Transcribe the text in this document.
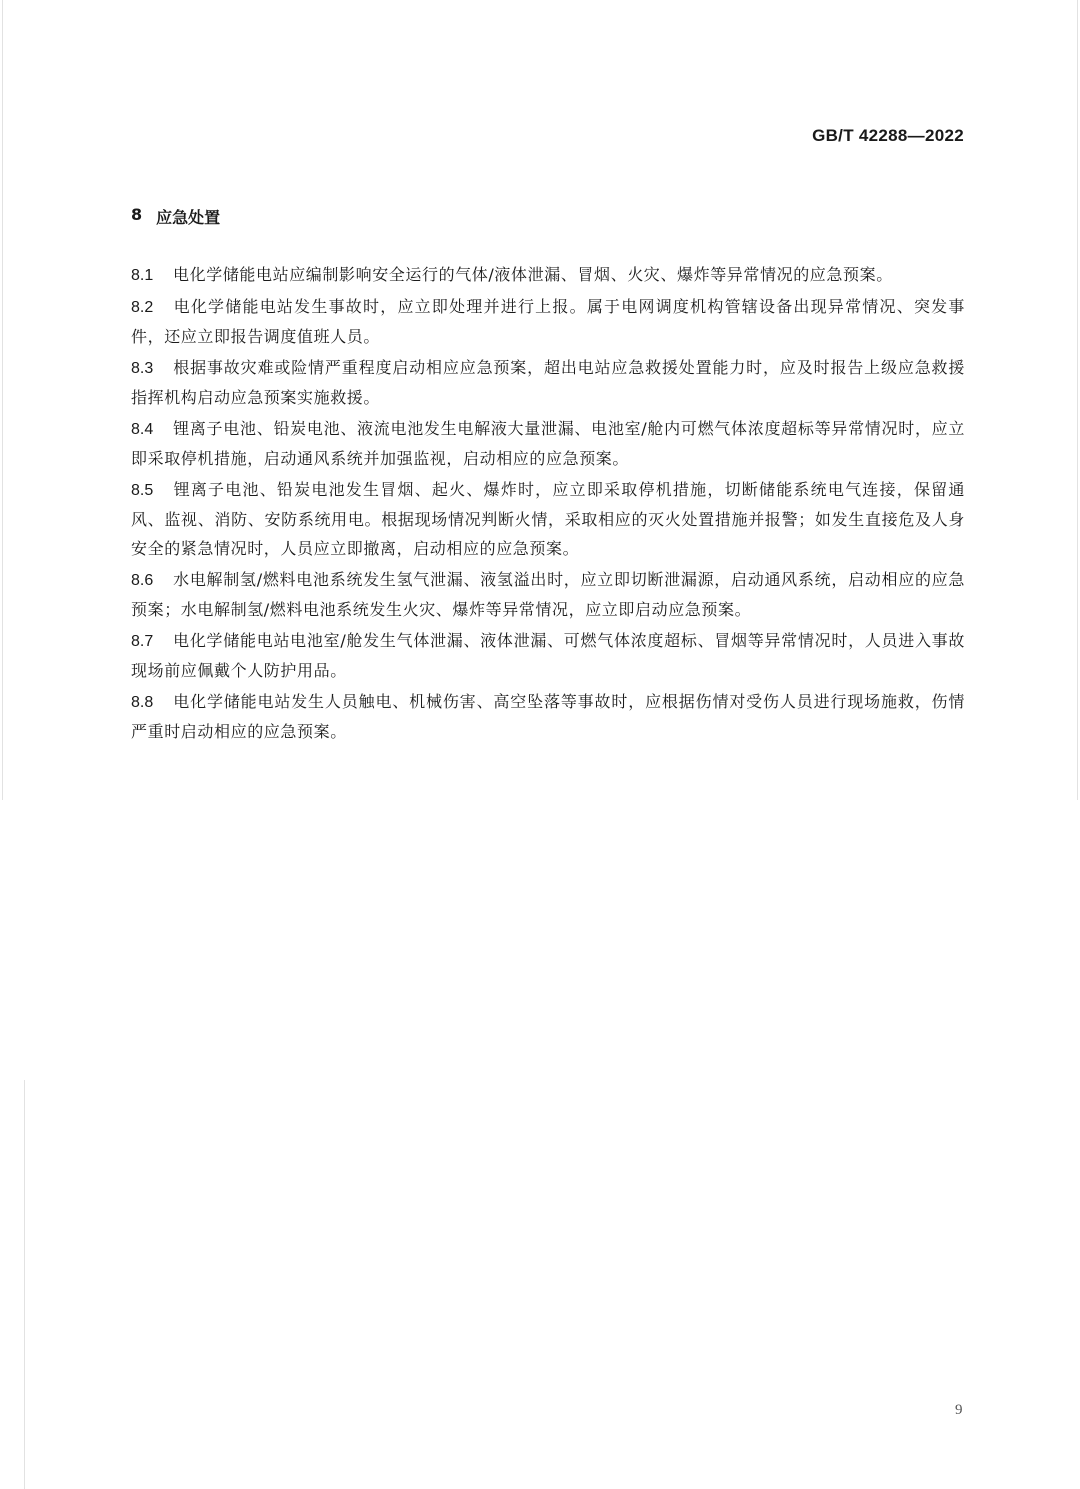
GB/T 42288—2022
8 应急处置

8.1 电化学储能电站应编制影响安全运行的气体/液体泄漏、冒烟、火灾、爆炸等异常情况的应急预案。

8.2 电化学储能电站发生事故时，应立即处理并进行上报。属于电网调度机构管辖设备出现异常情况、突发事件，还应立即报告调度值班人员。

8.3 根据事故灾难或险情严重程度启动相应应急预案，超出电站应急救援处置能力时，应及时报告上级应急救援指挥机构启动应急预案实施救援。

8.4 锂离子电池、铅炭电池、液流电池发生电解液大量泄漏、电池室/舱内可燃气体浓度超标等异常情况时，应立即采取停机措施，启动通风系统并加强监视，启动相应的应急预案。

8.5 锂离子电池、铅炭电池发生冒烟、起火、爆炸时，应立即采取停机措施，切断储能系统电气连接，保留通风、监视、消防、安防系统用电。根据现场情况判断火情，采取相应的灭火处置措施并报警；如发生直接危及人身安全的紧急情况时，人员应立即撤离，启动相应的应急预案。

8.6 水电解制氢/燃料电池系统发生氢气泄漏、液氢溢出时，应立即切断泄漏源，启动通风系统，启动相应的应急预案；水电解制氢/燃料电池系统发生火灾、爆炸等异常情况，应立即启动应急预案。

8.7 电化学储能电站电池室/舱发生气体泄漏、液体泄漏、可燃气体浓度超标、冒烟等异常情况时，人员进入事故现场前应佩戴个人防护用品。

8.8 电化学储能电站发生人员触电、机械伤害、高空坠落等事故时，应根据伤情对受伤人员进行现场施救，伤情严重时启动相应的应急预案。

9
